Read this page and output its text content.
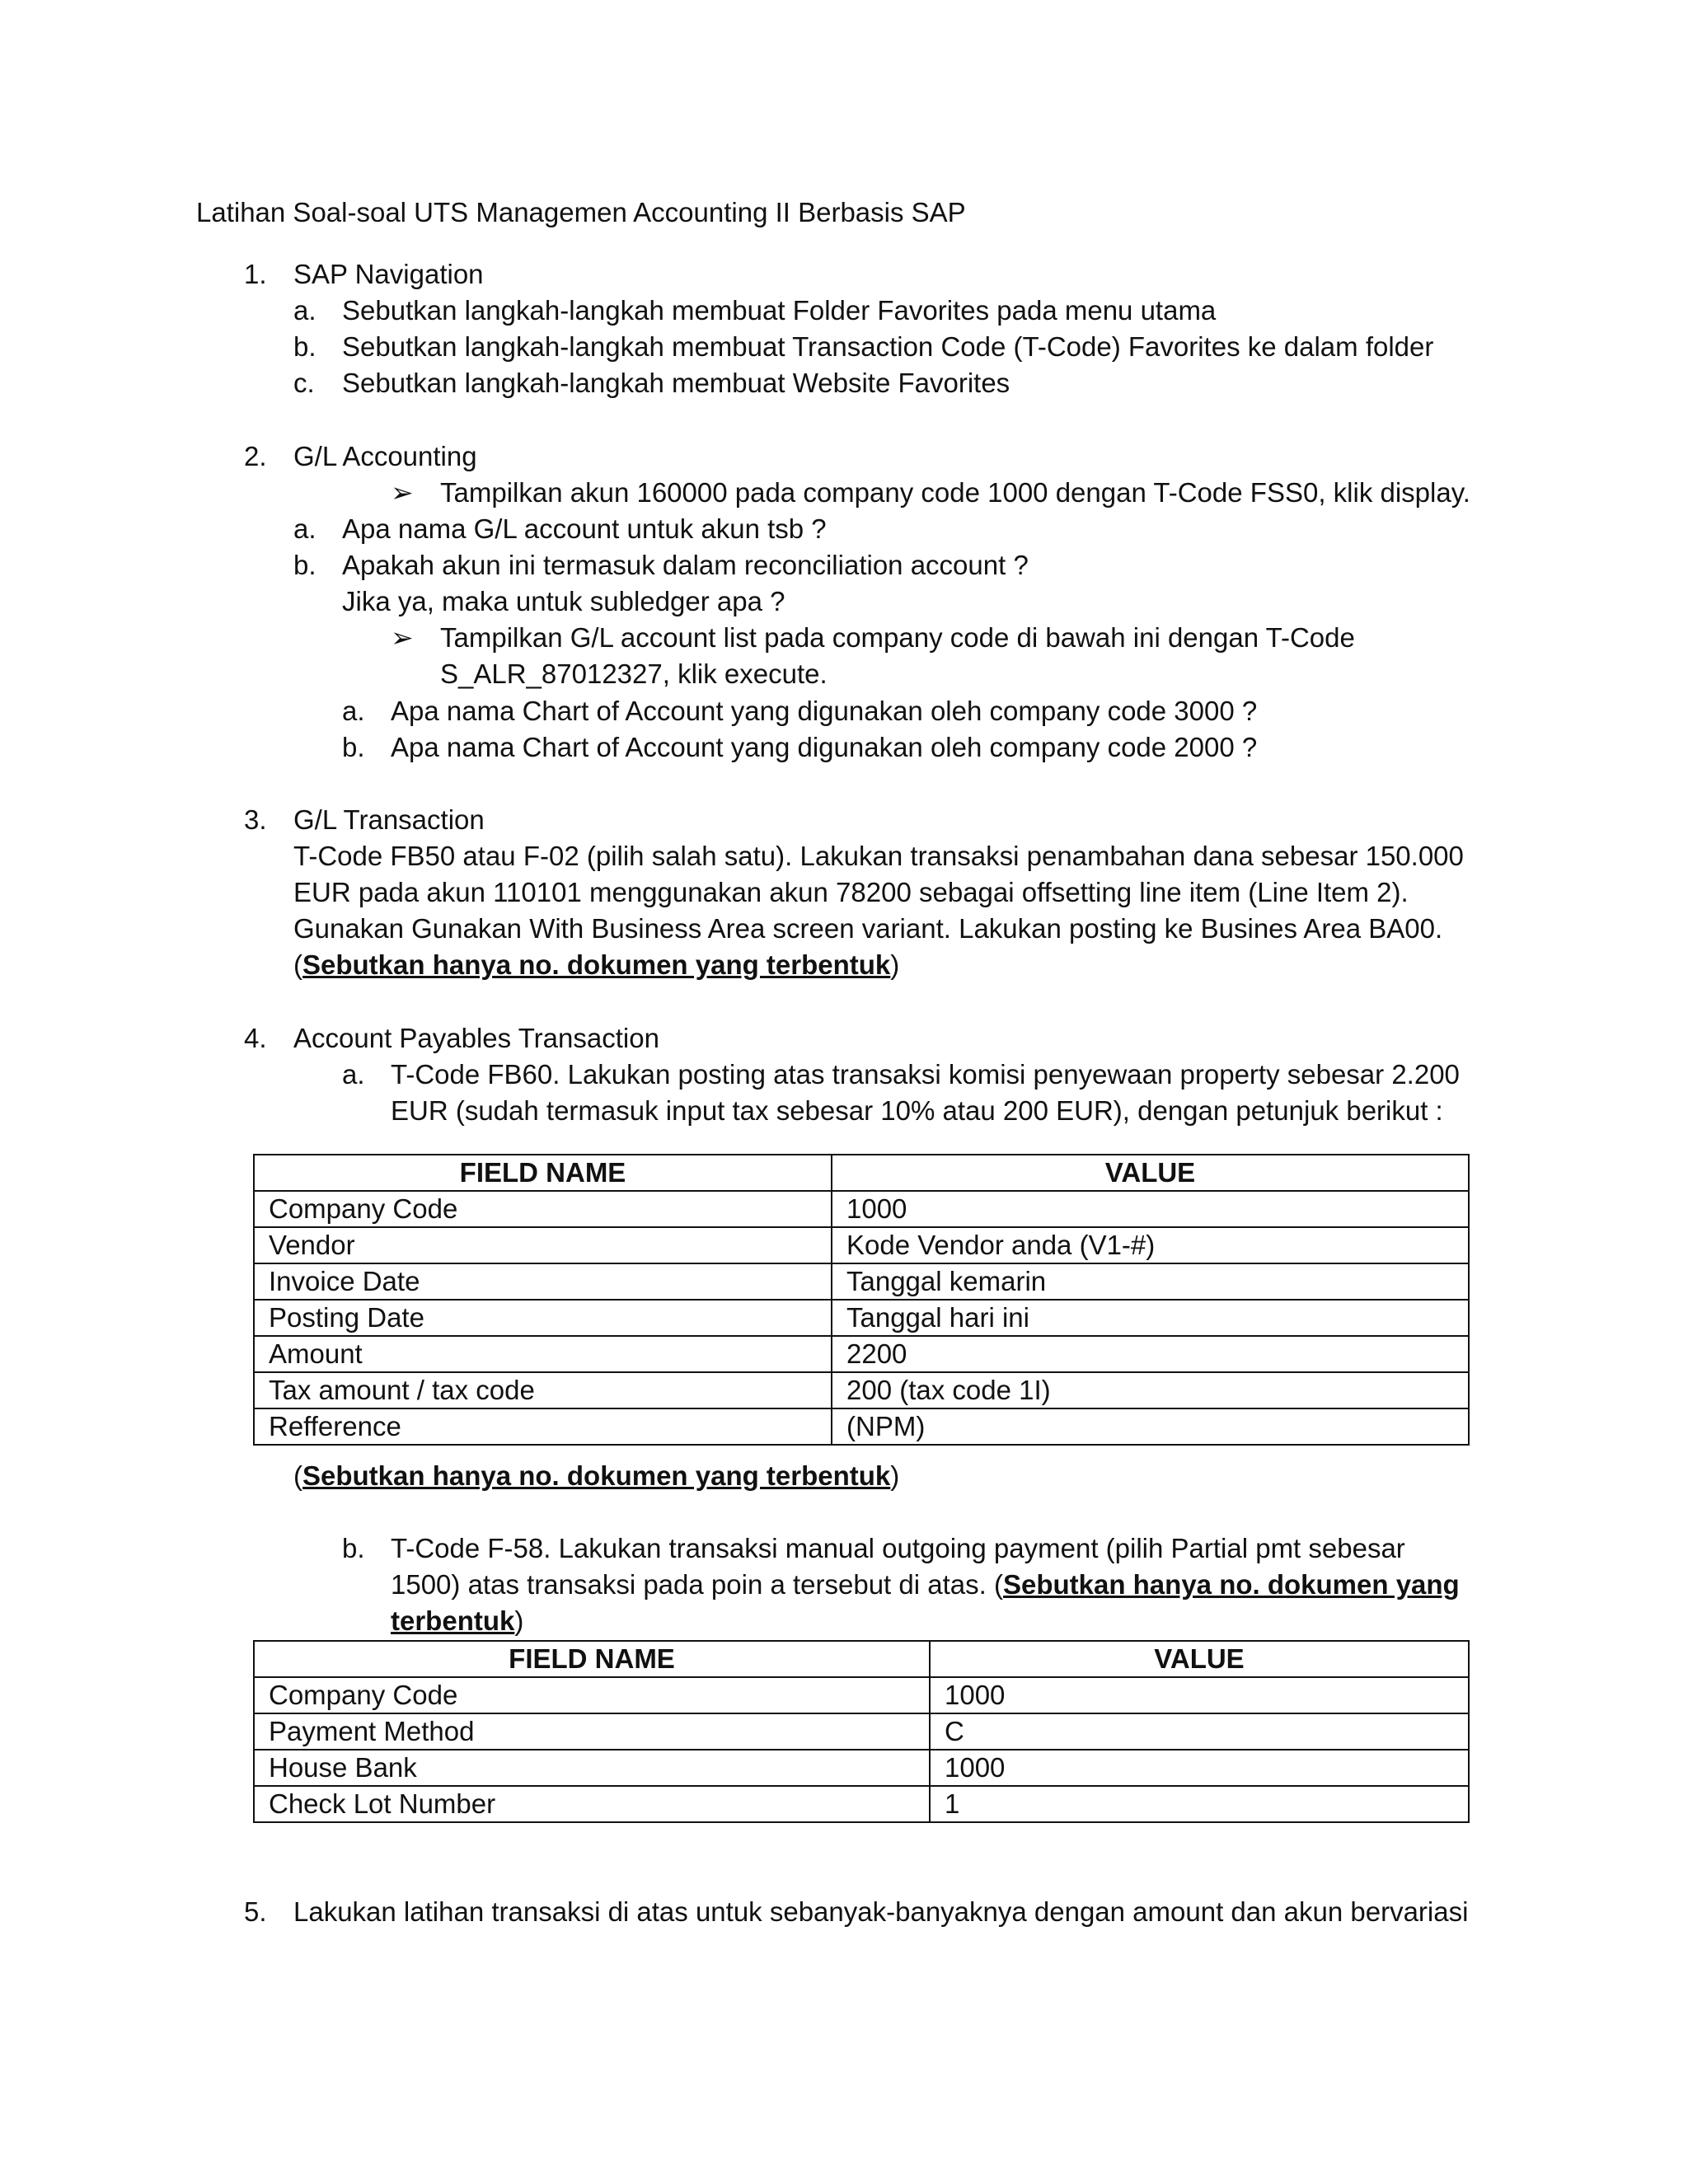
Latihan Soal-soal UTS Managemen Accounting II Berbasis SAP
1. SAP Navigation
a. Sebutkan langkah-langkah membuat Folder Favorites pada menu utama
b. Sebutkan langkah-langkah membuat Transaction Code (T-Code) Favorites ke dalam folder
c. Sebutkan langkah-langkah membuat Website Favorites
2. G/L Accounting
➢ Tampilkan akun 160000 pada company code 1000 dengan T-Code FSS0, klik display.
a. Apa nama G/L account untuk akun tsb ?
b. Apakah akun ini termasuk dalam reconciliation account ?
Jika ya, maka untuk subledger apa ?
➢ Tampilkan G/L account list pada company code di bawah ini dengan T-Code
S_ALR_87012327, klik execute.
a. Apa nama Chart of Account yang digunakan oleh company code 3000 ?
b. Apa nama Chart of Account yang digunakan oleh company code 2000 ?
3. G/L Transaction
T-Code FB50 atau F-02 (pilih salah satu). Lakukan transaksi penambahan dana sebesar 150.000
EUR pada akun 110101 menggunakan akun 78200 sebagai offsetting line item (Line Item 2).
Gunakan Gunakan With Business Area screen variant. Lakukan posting ke Busines Area BA00.
(Sebutkan hanya no. dokumen yang terbentuk)
4. Account Payables Transaction
a. T-Code FB60. Lakukan posting atas transaksi komisi penyewaan property sebesar 2.200
EUR (sudah termasuk input tax sebesar 10% atau 200 EUR), dengan petunjuk berikut :
FIELD NAME	VALUE
Company Code	1000
Vendor	Kode Vendor anda (V1-#)
Invoice Date	Tanggal kemarin
Posting Date	Tanggal hari ini
Amount	2200
Tax amount / tax code	200 (tax code 1I)
Refference	(NPM)
(Sebutkan hanya no. dokumen yang terbentuk)
b. T-Code F-58. Lakukan transaksi manual outgoing payment (pilih Partial pmt sebesar
1500) atas transaksi pada poin a tersebut di atas. (Sebutkan hanya no. dokumen yang
terbentuk)
FIELD NAME	VALUE
Company Code	1000
Payment Method	C
House Bank	1000
Check Lot Number	1
5. Lakukan latihan transaksi di atas untuk sebanyak-banyaknya dengan amount dan akun bervariasi
